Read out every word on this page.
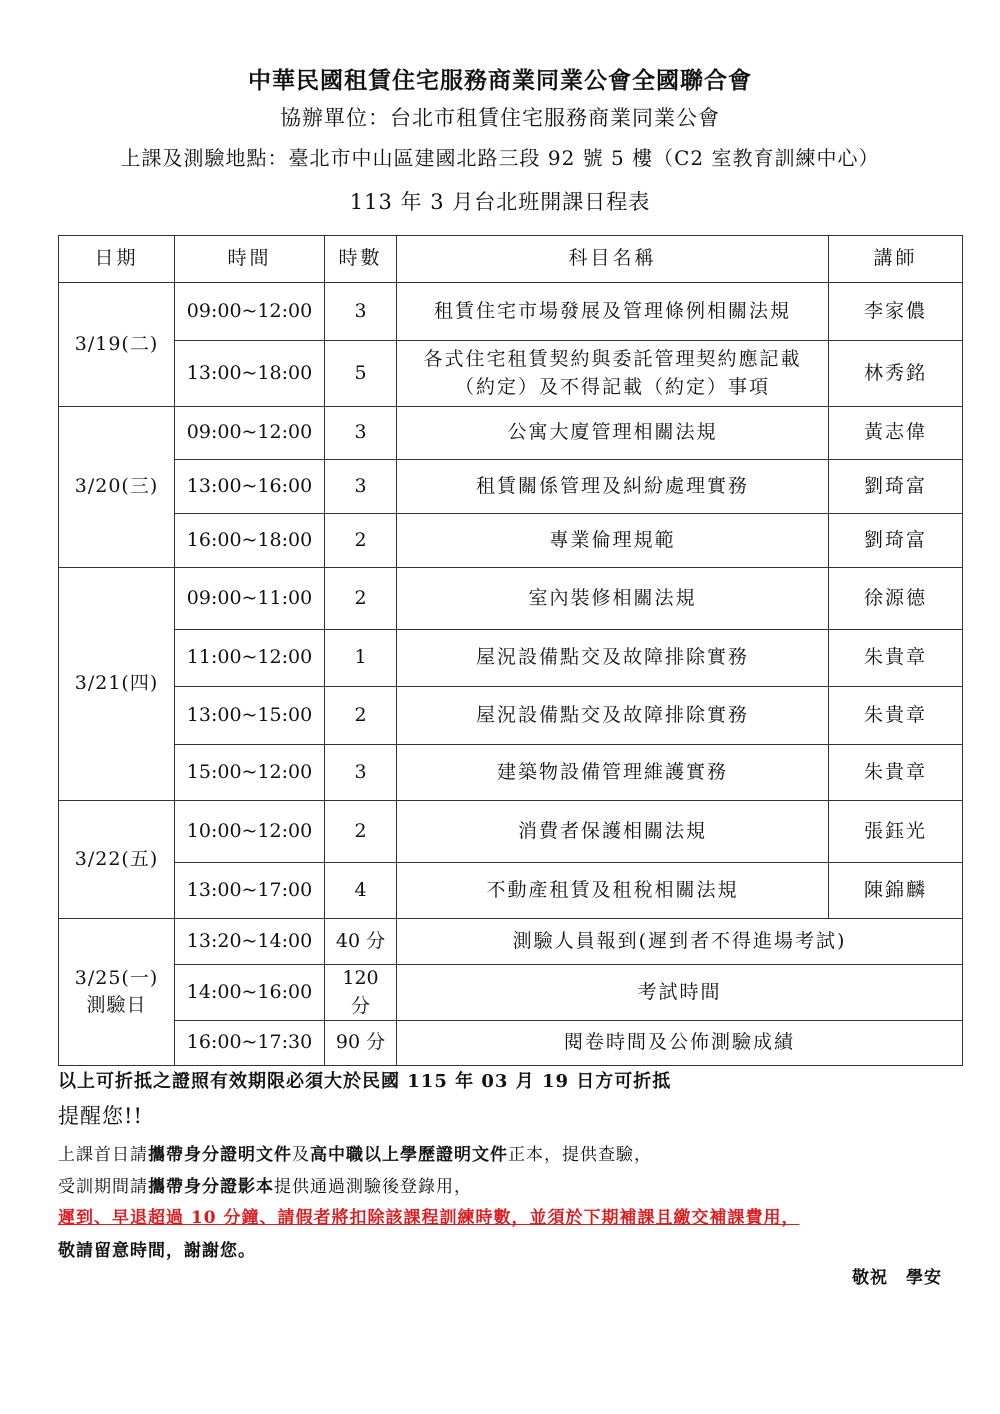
中華民國租賃住宅服務商業同業公會全國聯合會
協辦單位：台北市租賃住宅服務商業同業公會
上課及測驗地點：臺北市中山區建國北路三段 92 號 5 樓（C2 室教育訓練中心）
113 年 3 月台北班開課日程表
日期	時間	時數	科目名稱	講師
3/19(二)	09:00~12:00	3	租賃住宅市場發展及管理條例相關法規	李家儂
	13:00~18:00	5	各式住宅租賃契約與委託管理契約應記載（約定）及不得記載（約定）事項	林秀銘
3/20(三)	09:00~12:00	3	公寓大廈管理相關法規	黃志偉
	13:00~16:00	3	租賃關係管理及糾紛處理實務	劉琦富
	16:00~18:00	2	專業倫理規範	劉琦富
3/21(四)	09:00~11:00	2	室內裝修相關法規	徐源德
	11:00~12:00	1	屋況設備點交及故障排除實務	朱貴章
	13:00~15:00	2	屋況設備點交及故障排除實務	朱貴章
	15:00~12:00	3	建築物設備管理維護實務	朱貴章
3/22(五)	10:00~12:00	2	消費者保護相關法規	張鈺光
	13:00~17:00	4	不動產租賃及租稅相關法規	陳錦麟

3/25(一)
測驗日	13:20~14:00	40 分	測驗人員報到(遲到者不得進場考試)	
	14:00~16:00	120 分	考試時間	
	16:00~17:30	90 分	閱卷時間及公佈測驗成績	
以上可折抵之證照有效期限必須大於民國 115 年 03 月 19 日方可折抵
提醒您!!
上課首日請攜帶身分證明文件及高中職以上學歷證明文件正本，提供查驗，
受訓期間請攜帶身分證影本提供通過測驗後登錄用，
遲到、早退超過 10 分鐘、請假者將扣除該課程訓練時數，並須於下期補課且繳交補課費用，
敬請留意時間，謝謝您。
敬祝　學安
